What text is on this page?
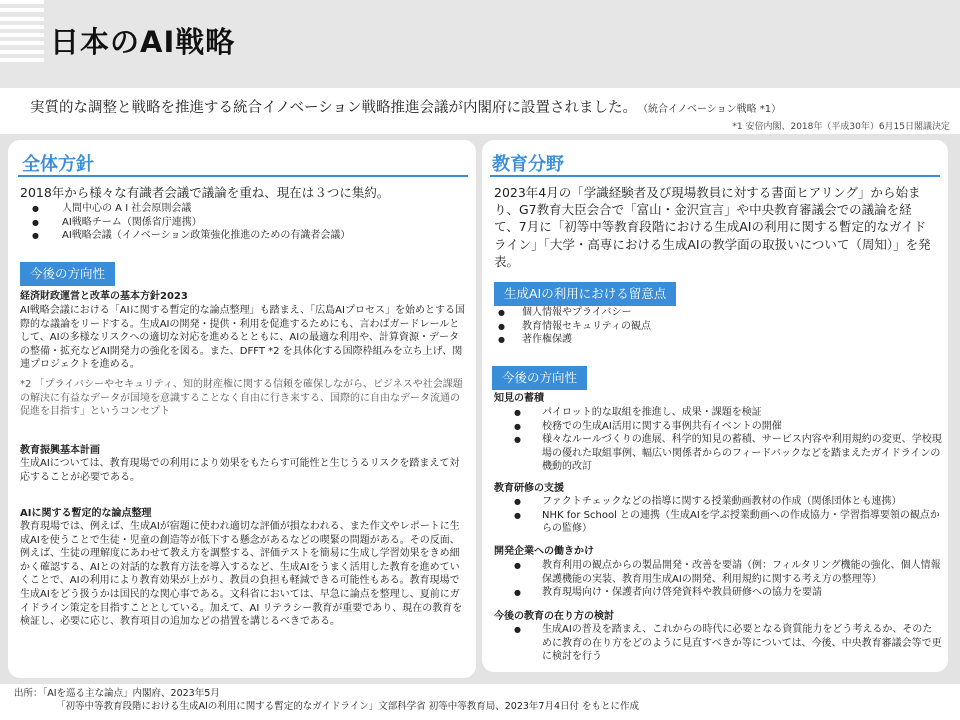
日本のAI戦略
実質的な調整と戦略を推進する統合イノベーション戦略推進会議が内閣府に設置されました。 （統合イノベーション戦略 *1）
*1 安倍内閣、2018年（平成30年）6月15日閣議決定
全体方針
2018年から様々な有識者会議で議論を重ね、現在は３つに集約。
● 人間中心の A I 社会原則会議
● AI戦略チーム（関係省庁連携）
● AI戦略会議（イノベーション政策強化推進のための有識者会議）
今後の方向性
経済財政運営と改革の基本方針2023
AI戦略会議における「AIに関する暫定的な論点整理」も踏まえ、「広島AIプロセス」を始めとする国際的な議論をリードする。生成AIの開発・提供・利用を促進するためにも、言わばガードレールとして、AIの多様なリスクへの適切な対応を進めるとともに、AIの最適な利用や、計算資源・データの整備・拡充などAI開発力の強化を図る。また、DFFT *2 を具体化する国際枠組みを立ち上げ、関連プロジェクトを進める。
*2 「プライバシーやセキュリティ、知的財産権に関する信頼を確保しながら、ビジネスや社会課題の解決に有益なデータが国境を意識することなく自由に行き来する、国際的に自由なデータ流通の促進を目指す」というコンセプト
教育振興基本計画
生成AIについては、教育現場での利用により効果をもたらす可能性と生じうるリスクを踏まえて対応することが必要である。
AIに関する暫定的な論点整理
教育現場では、例えば、生成AIが宿題に使われ適切な評価が損なわれる、また作文やレポートに生成AIを使うことで生徒・児童の創造等が低下する懸念があるなどの喫緊の問題がある。その反面、例えば、生徒の理解度にあわせて教え方を調整する、評価テストを簡易に生成し学習効果をきめ細かく確認する、AIとの対話的な教育方法を導入するなど、生成AIをうまく活用した教育を進めていくことで、AIの利用により教育効果が上がり、教員の負担も軽減できる可能性もある。教育現場で生成AIをどう扱うかは国民的な関心事である。文科省においては、早急に論点を整理し、夏前にガイドライン策定を目指すこととしている。加えて、AI リテラシー教育が重要であり、現在の教育を検証し、必要に応じ、教育項目の追加などの措置を講じるべきである。
教育分野
2023年4月の「学識経験者及び現場教員に対する書面ヒアリング」から始まり、G7教育大臣会合で「富山・金沢宣言」や中央教育審議会での議論を経て、7月に「初等中等教育段階における生成AIの利用に関する暫定的なガイドライン」「大学・高専における生成AIの教学面の取扱いについて（周知）」を発表。
生成AIの利用における留意点
● 個人情報やプライバシー
● 教育情報セキュリティの観点
● 著作権保護
今後の方向性
知見の蓄積
● パイロット的な取組を推進し、成果・課題を検証
● 校務での生成AI活用に関する事例共有イベントの開催
● 様々なルールづくりの進展、科学的知見の蓄積、サービス内容や利用規約の変更、学校現場の優れた取組事例、幅広い関係者からのフィードバックなどを踏まえたガイドラインの機動的改訂
教育研修の支援
● ファクトチェックなどの指導に関する授業動画教材の作成（関係団体とも連携）
● NHK for School との連携（生成AIを学ぶ授業動画への作成協力・学習指導要領の観点からの監修）
開発企業への働きかけ
● 教育利用の観点からの製品開発・改善を要請（例：フィルタリング機能の強化、個人情報保護機能の実装、教育用生成AIの開発、利用規約に関する考え方の整理等）
● 教育現場向け・保護者向け啓発資料や教員研修への協力を要請
今後の教育の在り方の検討
● 生成AIの普及を踏まえ、これからの時代に必要となる資質能力をどう考えるか、そのために教育の在り方をどのように見直すべきか等については、今後、中央教育審議会等で更に検討を行う
出所：「AIを巡る主な論点」内閣府、2023年5月
「初等中等教育段階における生成AIの利用に関する暫定的なガイドライン」文部科学省 初等中等教育局、2023年7月4日付 をもとに作成
